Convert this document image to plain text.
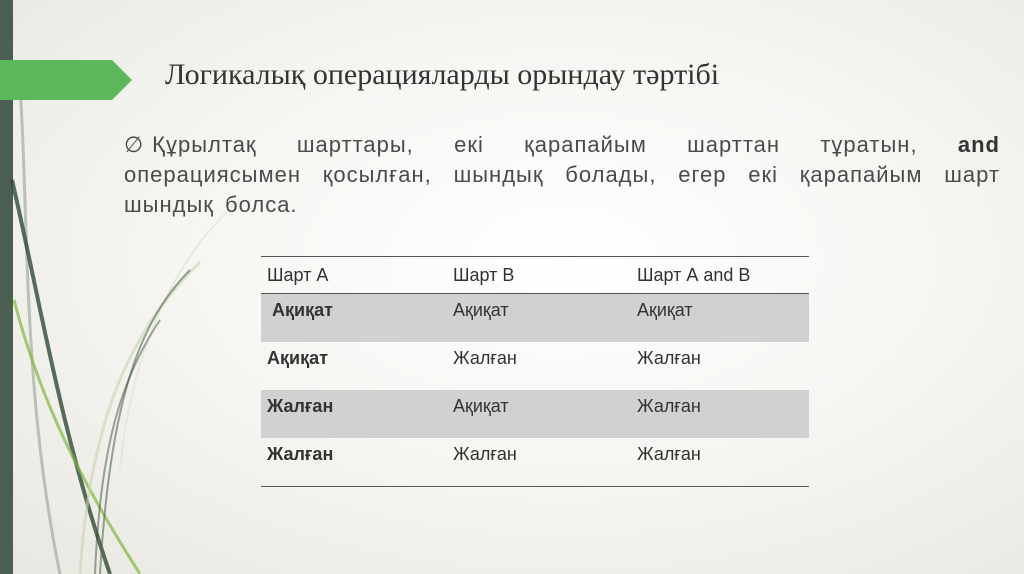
Логикалық операцияларды орындау тәртібі
∅ Құрылтақ шарттары, екі қарапайым шарттан тұратын, and операциясымен қосылған, шындық болады, егер екі қарапайым шарт шындық болса.
Шарт А	Шарт В	Шарт А and B
Ақиқат	Ақиқат	Ақиқат
Ақиқат	Жалған	Жалған
Жалған	Ақиқат	Жалған
Жалған	Жалған	Жалған
